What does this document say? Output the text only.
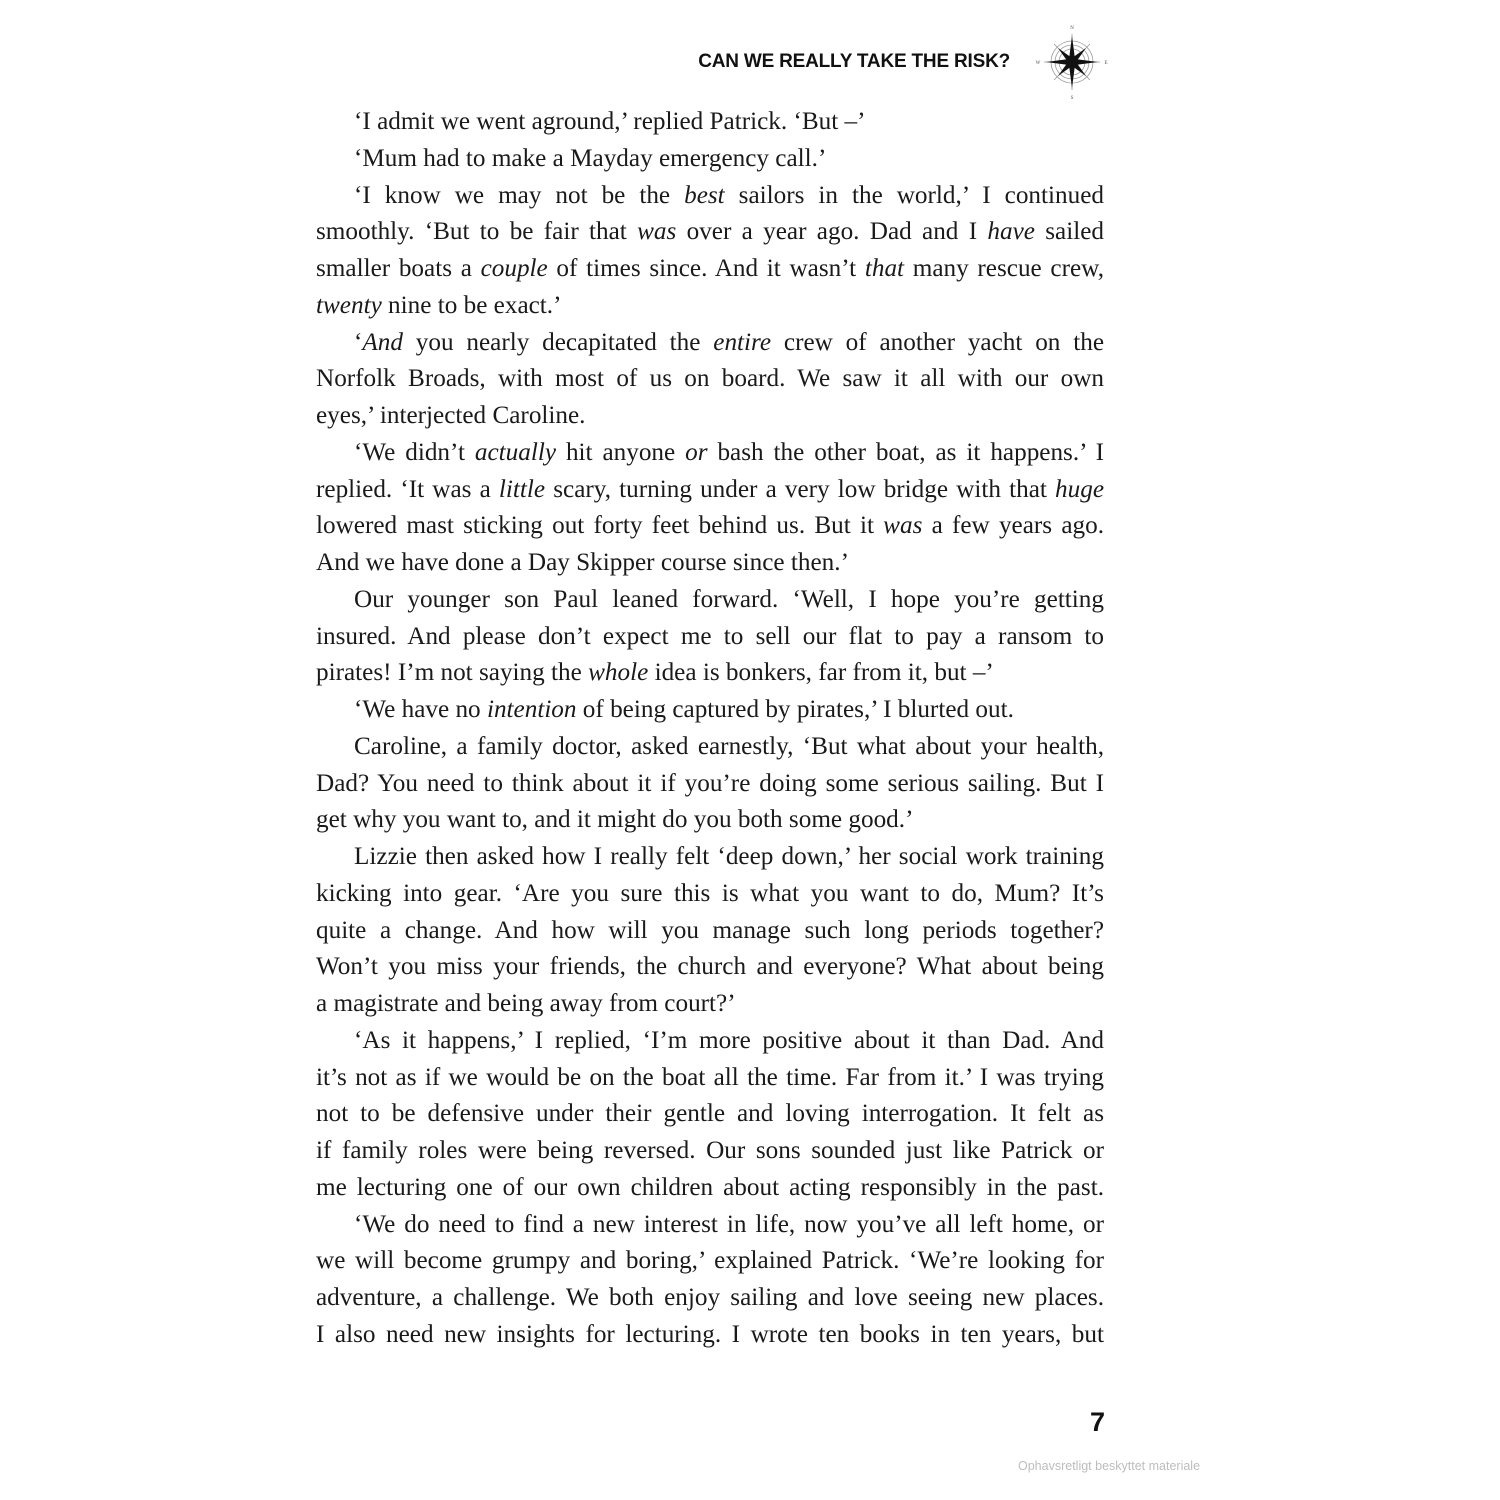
CAN WE REALLY TAKE THE RISK?
N
E
S
W
‘I admit we went aground,’ replied Patrick. ‘But –’
‘Mum had to make a Mayday emergency call.’
‘I know we may not be the best sailors in the world,’ I continued
smoothly. ‘But to be fair that was over a year ago. Dad and I have sailed
smaller boats a couple of times since. And it wasn’t that many rescue crew,
twenty nine to be exact.’
‘And you nearly decapitated the entire crew of another yacht on the
Norfolk Broads, with most of us on board. We saw it all with our own
eyes,’ interjected Caroline.
‘We didn’t actually hit anyone or bash the other boat, as it happens.’ I
replied. ‘It was a little scary, turning under a very low bridge with that huge
lowered mast sticking out forty feet behind us. But it was a few years ago.
And we have done a Day Skipper course since then.’
Our younger son Paul leaned forward. ‘Well, I hope you’re getting
insured. And please don’t expect me to sell our flat to pay a ransom to
pirates! I’m not saying the whole idea is bonkers, far from it, but –’
‘We have no intention of being captured by pirates,’ I blurted out.
Caroline, a family doctor, asked earnestly, ‘But what about your health,
Dad? You need to think about it if you’re doing some serious sailing. But I
get why you want to, and it might do you both some good.’
Lizzie then asked how I really felt ‘deep down,’ her social work training
kicking into gear. ‘Are you sure this is what you want to do, Mum? It’s
quite a change. And how will you manage such long periods together?
Won’t you miss your friends, the church and everyone? What about being
a magistrate and being away from court?’
‘As it happens,’ I replied, ‘I’m more positive about it than Dad. And
it’s not as if we would be on the boat all the time. Far from it.’ I was trying
not to be defensive under their gentle and loving interrogation. It felt as
if family roles were being reversed. Our sons sounded just like Patrick or
me lecturing one of our own children about acting responsibly in the past.
‘We do need to find a new interest in life, now you’ve all left home, or
we will become grumpy and boring,’ explained Patrick. ‘We’re looking for
adventure, a challenge. We both enjoy sailing and love seeing new places.
I also need new insights for lecturing. I wrote ten books in ten years, but
7
Ophavsretligt beskyttet materiale
